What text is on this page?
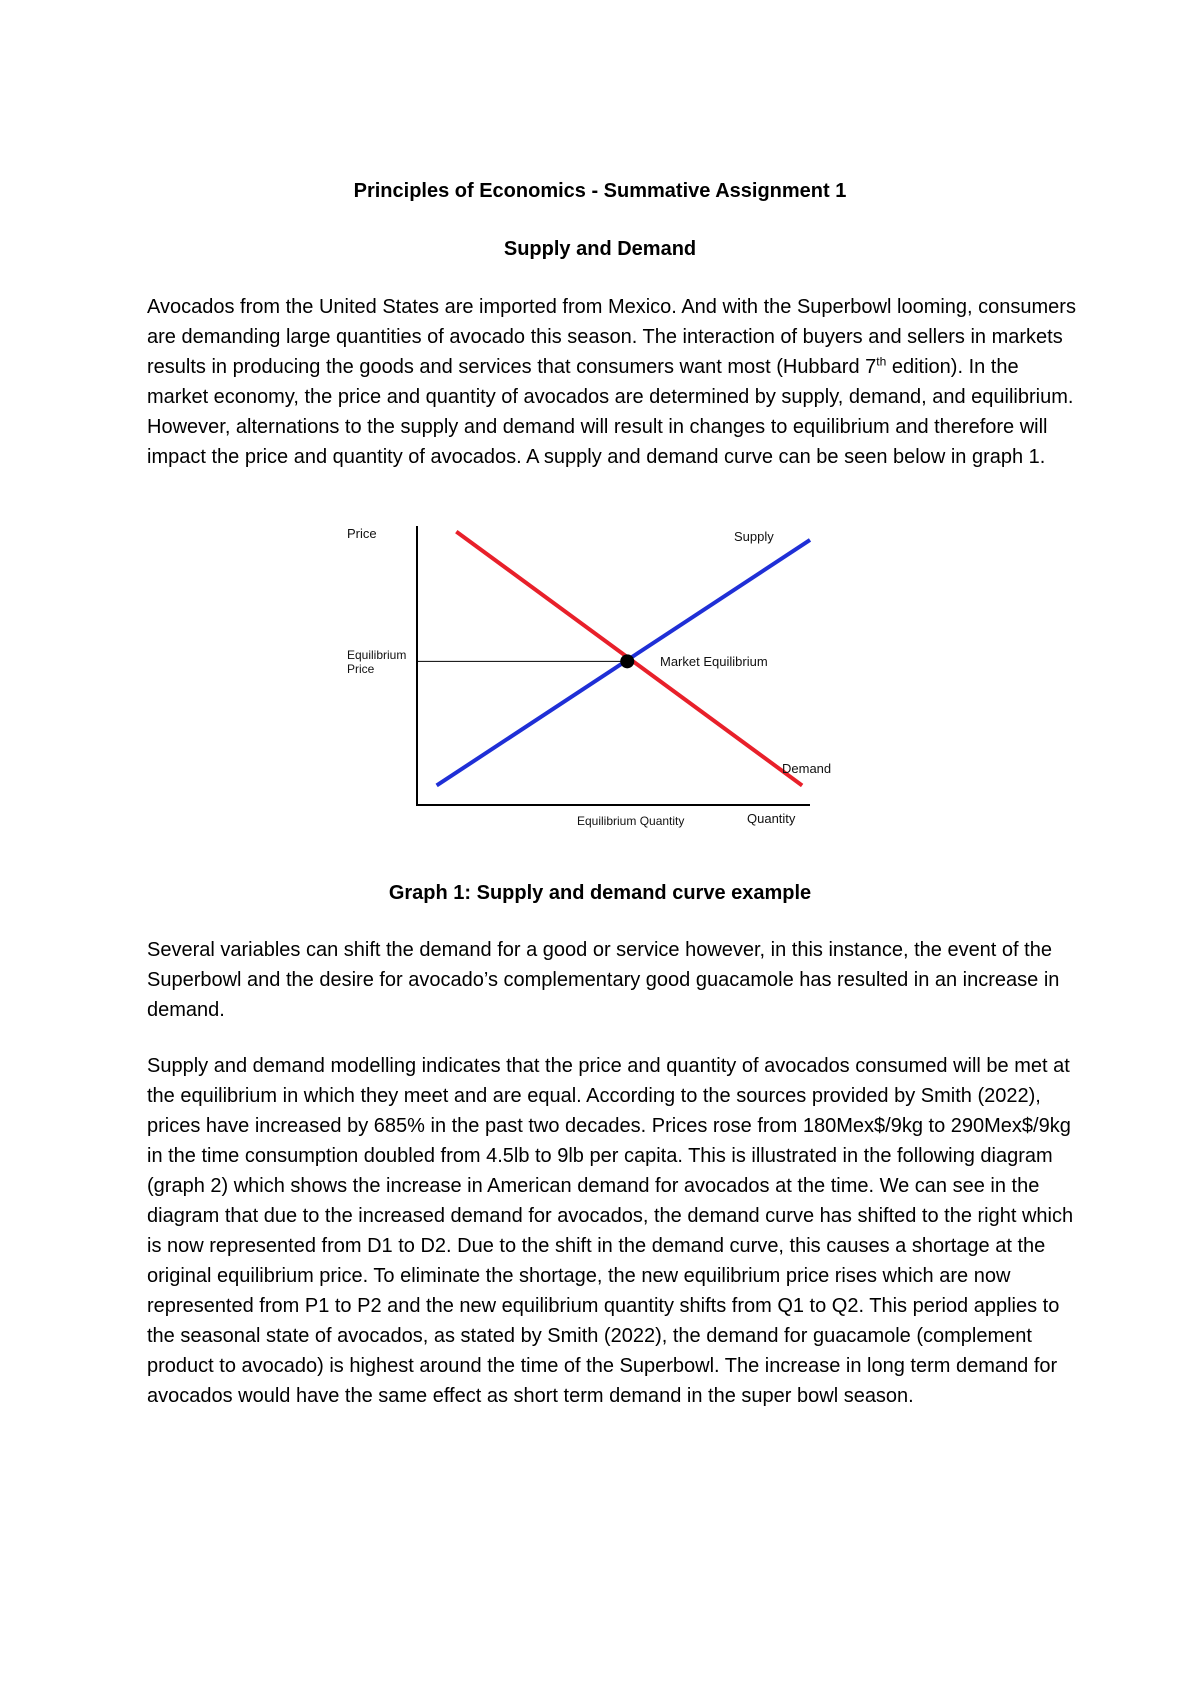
Principles of Economics - Summative Assignment 1
Supply and Demand

Avocados from the United States are imported from Mexico. And with the Superbowl looming, consumers are demanding large quantities of avocado this season. The interaction of buyers and sellers in markets results in producing the goods and services that consumers want most (Hubbard 7th edition). In the market economy, the price and quantity of avocados are determined by supply, demand, and equilibrium. However, alternations to the supply and demand will result in changes to equilibrium and therefore will impact the price and quantity of avocados. A supply and demand curve can be seen below in graph 1.

Price
Equilibrium
Price
Equilibrium Quantity	Quantity
Supply
Demand
Market Equilibrium
Graph 1: Supply and demand curve example

Several variables can shift the demand for a good or service however, in this instance, the event of the Superbowl and the desire for avocado’s complementary good guacamole has resulted in an increase in demand.

Supply and demand modelling indicates that the price and quantity of avocados consumed will be met at the equilibrium in which they meet and are equal. According to the sources provided by Smith (2022), prices have increased by 685% in the past two decades. Prices rose from 180Mex$/9kg to 290Mex$/9kg in the time consumption doubled from 4.5lb to 9lb per capita. This is illustrated in the following diagram (graph 2) which shows the increase in American demand for avocados at the time. We can see in the diagram that due to the increased demand for avocados, the demand curve has shifted to the right which is now represented from D1 to D2. Due to the shift in the demand curve, this causes a shortage at the original equilibrium price. To eliminate the shortage, the new equilibrium price rises which are now represented from P1 to P2 and the new equilibrium quantity shifts from Q1 to Q2. This period applies to the seasonal state of avocados, as stated by Smith (2022), the demand for guacamole (complement product to avocado) is highest around the time of the Superbowl. The increase in long term demand for avocados would have the same effect as short term demand in the super bowl season.
